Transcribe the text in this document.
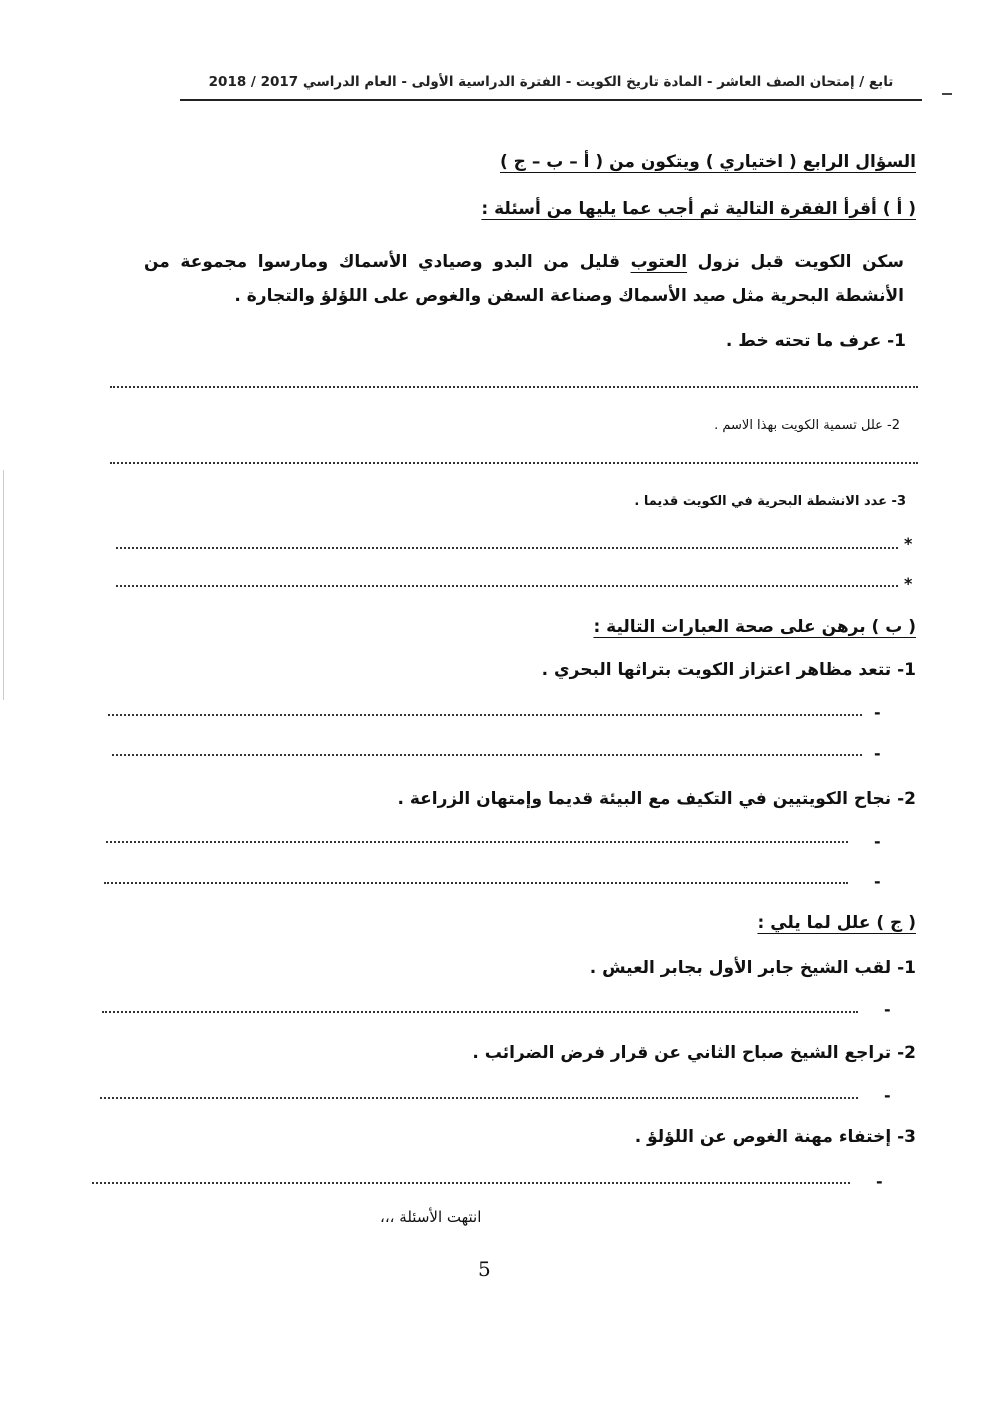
تابع / إمتحان الصف العاشر - المادة تاريخ الكويت - الفترة الدراسية الأولى - العام الدراسي 2017 / 2018
السؤال الرابع ( اختياري ) ويتكون من ( أ – ب – ج )
( أ ) أقرأ الفقرة التالية ثم أجب عما يليها من أسئلة :
سكن الكويت قبل نزول العتوب قليل من البدو وصيادي الأسماك ومارسوا مجموعة من الأنشطة البحرية مثل صيد الأسماك وصناعة السفن والغوص على اللؤلؤ والتجارة .
1- عرف ما تحته خط .
2- علل تسمية الكويت بهذا الاسم .
3- عدد الانشطة البحرية في الكويت قديما .
*
*
( ب ) برهن على صحة العبارات التالية :
1- تتعد مظاهر اعتزاز الكويت بتراثها البحري .
-
-
2- نجاح الكويتيين في التكيف مع البيئة قديما وإمتهان الزراعة .
-
-
( ج ) علل لما يلي :
1- لقب الشيخ جابر الأول بجابر العيش .
-
2- تراجع الشيخ صباح الثاني عن قرار فرض الضرائب .
-
3- إختفاء مهنة الغوص عن اللؤلؤ .
-
انتهت الأسئلة ،،،
5
